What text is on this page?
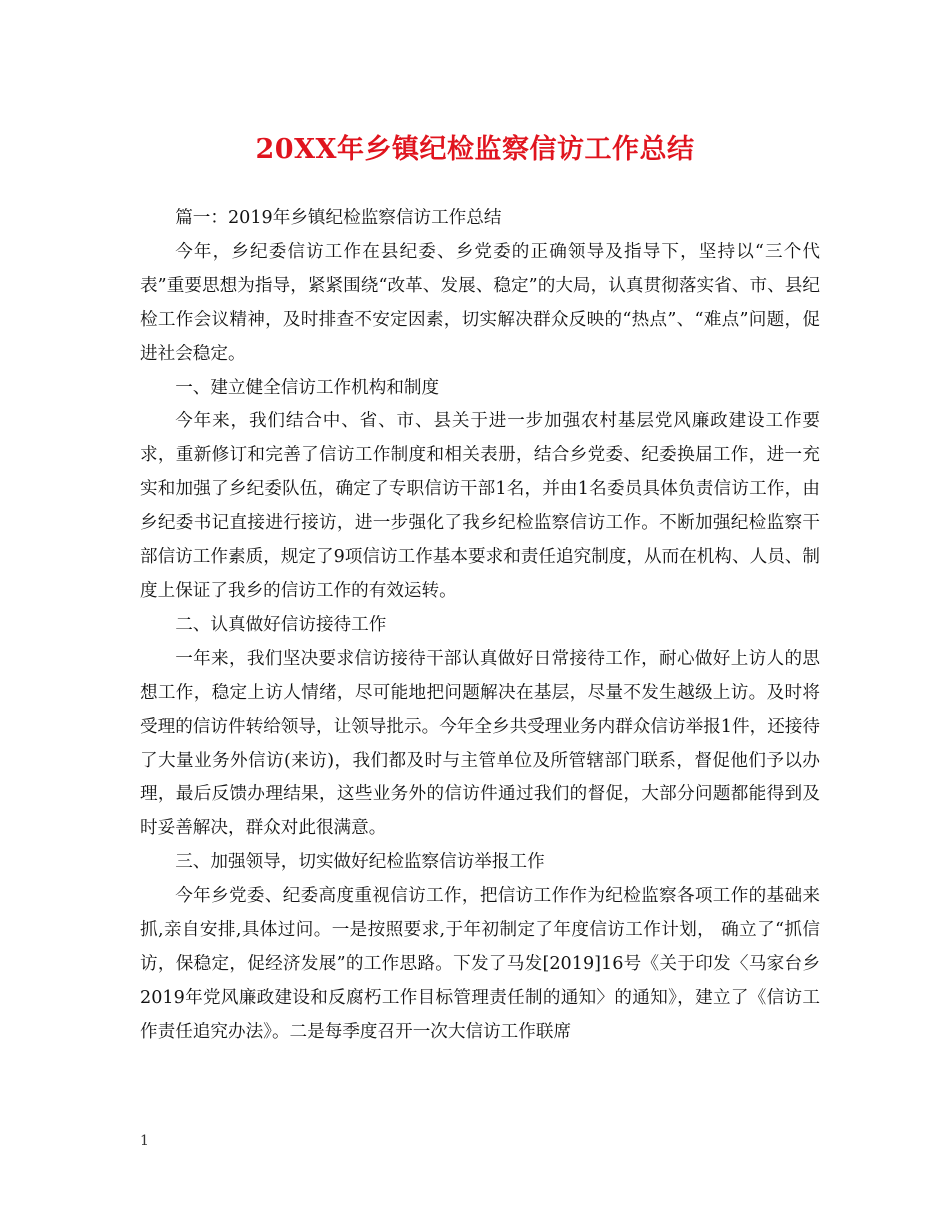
20XX年乡镇纪检监察信访工作总结

篇一：2019年乡镇纪检监察信访工作总结

今年，乡纪委信访工作在县纪委、乡党委的正确领导及指导下，坚持以“三个代表”重要思想为指导，紧紧围绕“改革、发展、稳定”的大局，认真贯彻落实省、市、县纪检工作会议精神，及时排查不安定因素，切实解决群众反映的“热点”、“难点”问题，促进社会稳定。

一、建立健全信访工作机构和制度

今年来，我们结合中、省、市、县关于进一步加强农村基层党风廉政建设工作要求，重新修订和完善了信访工作制度和相关表册，结合乡党委、纪委换届工作，进一充实和加强了乡纪委队伍，确定了专职信访干部1名，并由1名委员具体负责信访工作，由乡纪委书记直接进行接访，进一步强化了我乡纪检监察信访工作。不断加强纪检监察干部信访工作素质，规定了9项信访工作基本要求和责任追究制度，从而在机构、人员、制度上保证了我乡的信访工作的有效运转。

二、认真做好信访接待工作

一年来，我们坚决要求信访接待干部认真做好日常接待工作，耐心做好上访人的思想工作，稳定上访人情绪，尽可能地把问题解决在基层，尽量不发生越级上访。及时将受理的信访件转给领导，让领导批示。今年全乡共受理业务内群众信访举报1件，还接待了大量业务外信访(来访)，我们都及时与主管单位及所管辖部门联系，督促他们予以办理，最后反馈办理结果，这些业务外的信访件通过我们的督促，大部分问题都能得到及时妥善解决，群众对此很满意。

三、加强领导，切实做好纪检监察信访举报工作

今年乡党委、纪委高度重视信访工作，把信访工作作为纪检监察各项工作的基础来抓,亲自安排,具体过问。一是按照要求,于年初制定了年度信访工作计划， 确立了“抓信访，保稳定，促经济发展”的工作思路。下发了马发[2019]16号《关于印发〈马家台乡2019年党风廉政建设和反腐朽工作目标管理责任制的通知〉的通知》，建立了《信访工作责任追究办法》。二是每季度召开一次大信访工作联席

1
